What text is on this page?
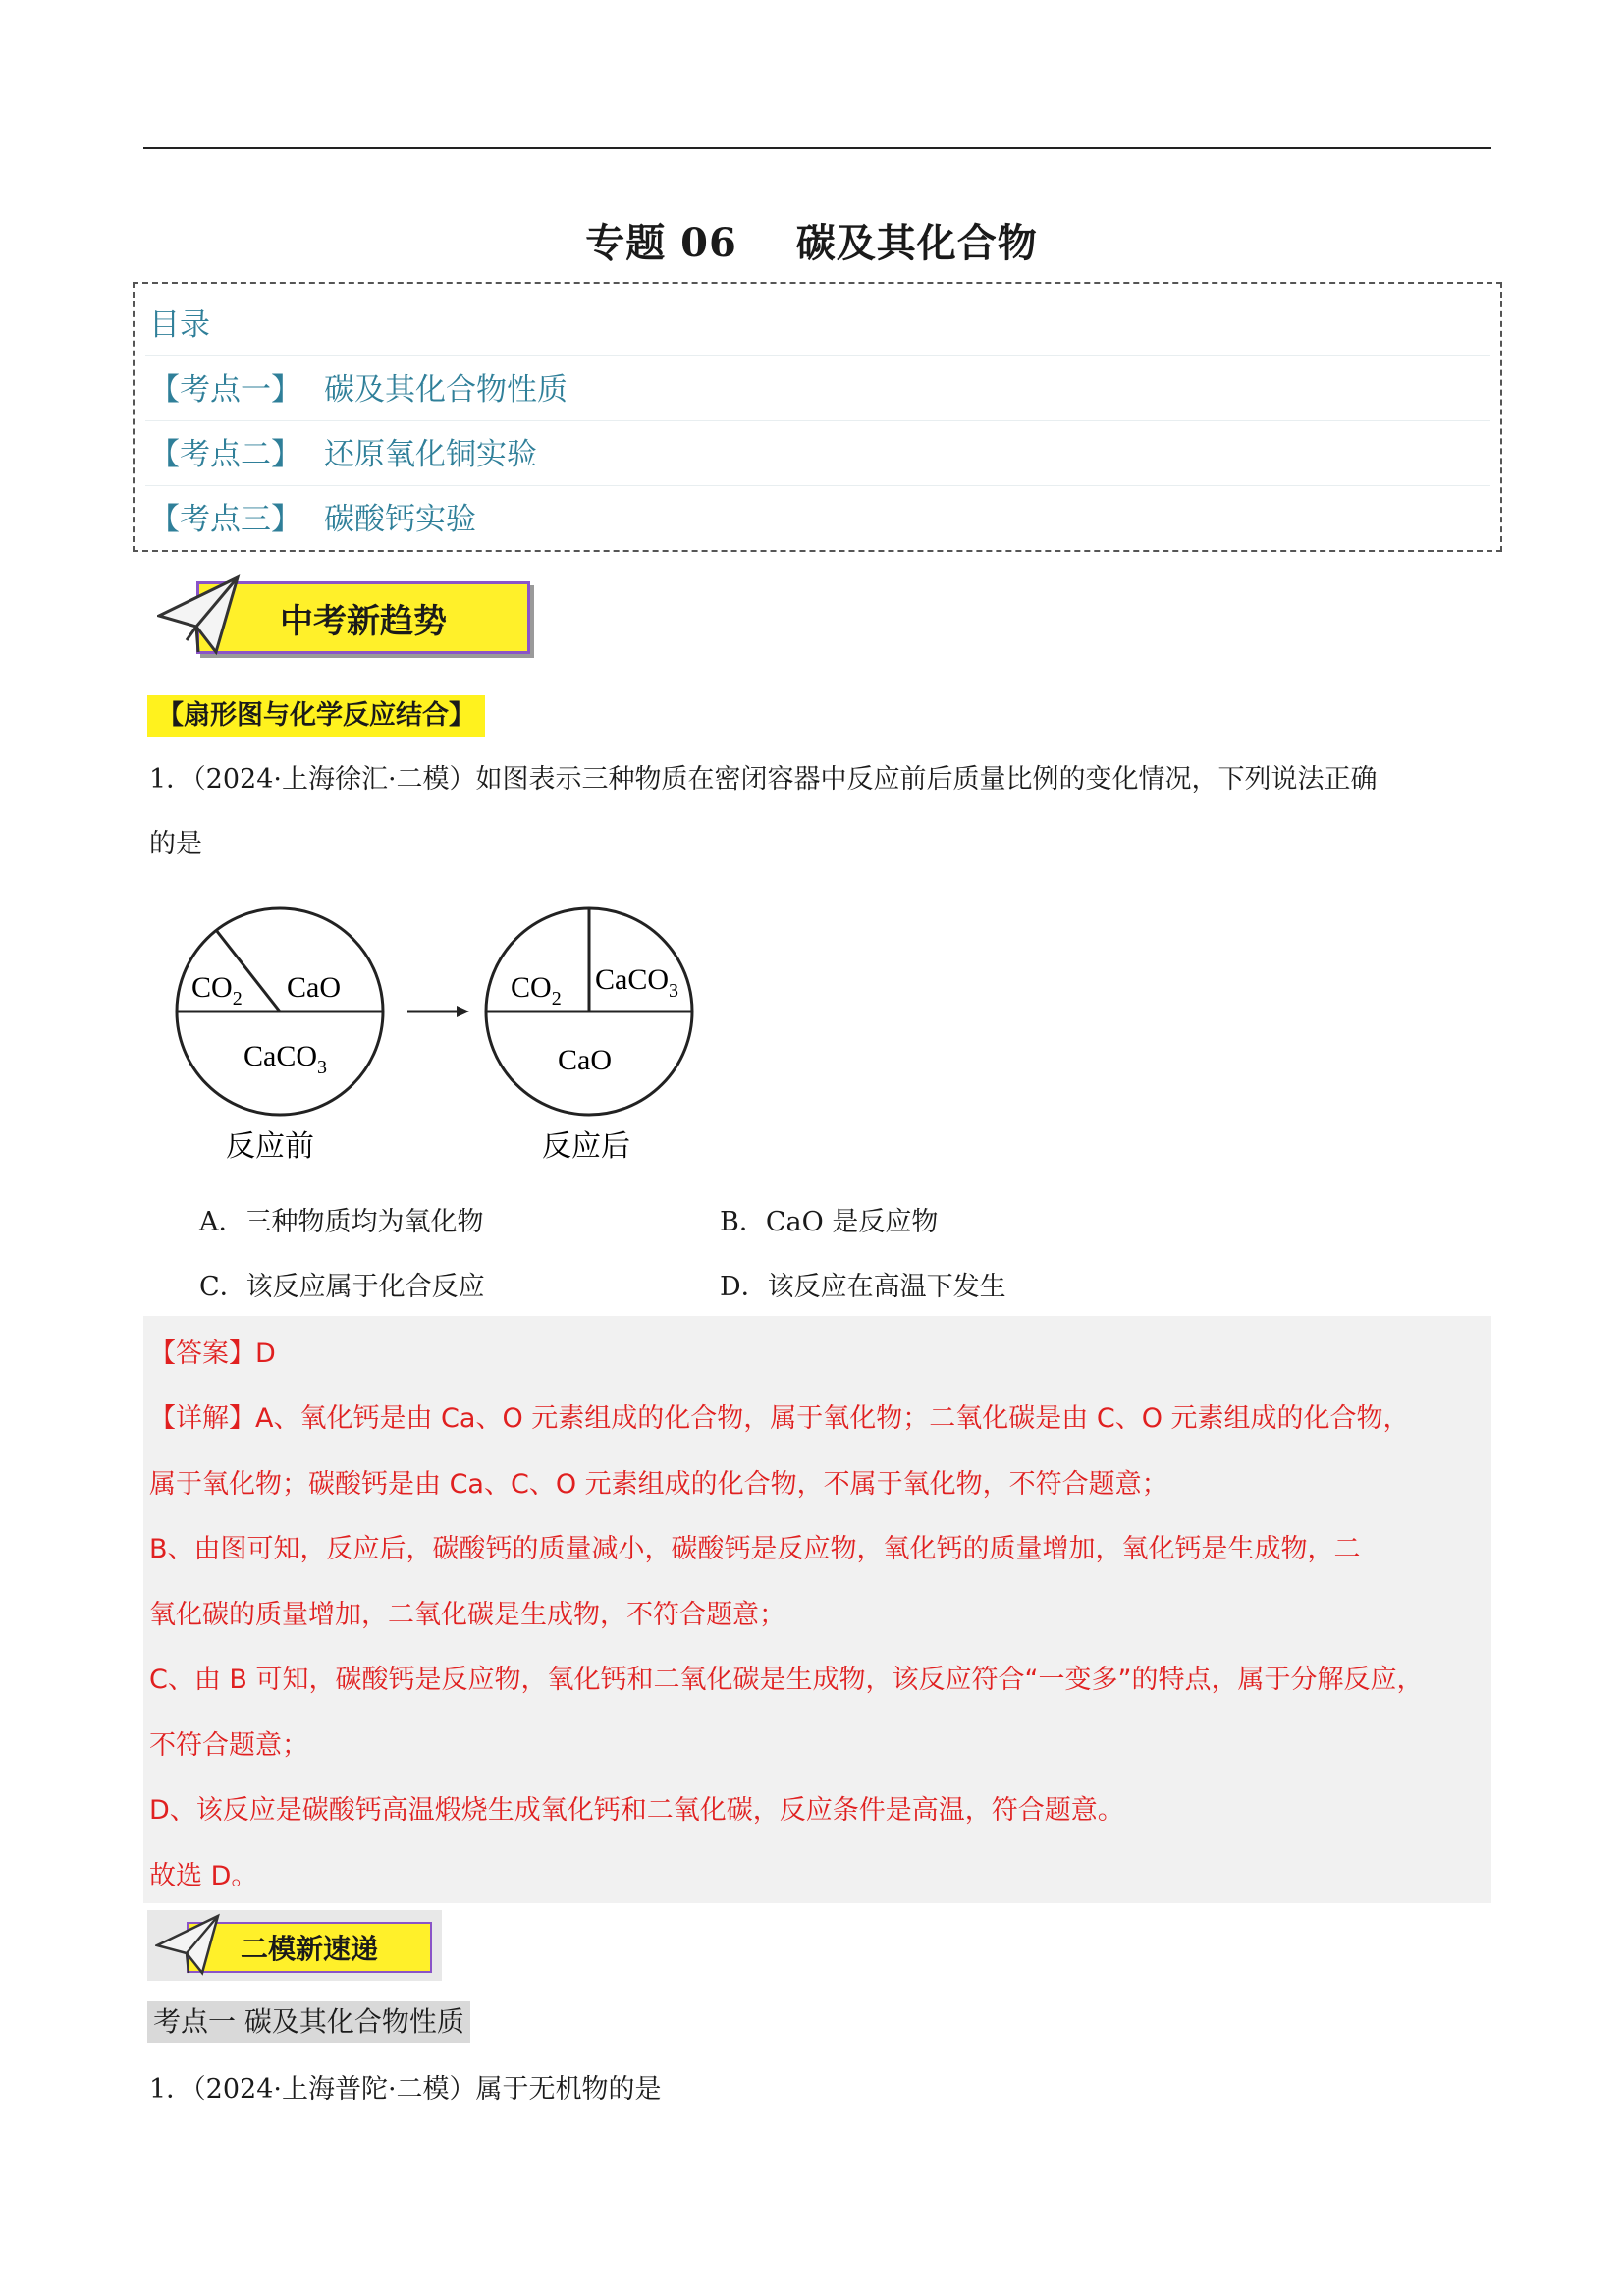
专题 06 碳及其化合物
目录
【考点一】 碳及其化合物性质
【考点二】 还原氧化铜实验
【考点三】 碳酸钙实验
中考新趋势
【扇形图与化学反应结合】
1．（2024·上海徐汇·二模）如图表示三种物质在密闭容器中反应前后质量比例的变化情况，下列说法正确
的是
$CO_2$ CaO
CaCO$_3$
反应前
$CO_2$
CaCO$_3$
CaO
反应后
A．三种物质均为氧化物	B．CaO 是反应物
C．该反应属于化合反应	D．该反应在高温下发生
【答案】D
【详解】A、氧化钙是由 Ca、O 元素组成的化合物，属于氧化物；二氧化碳是由 C、O 元素组成的化合物，
属于氧化物；碳酸钙是由 Ca、C、O 元素组成的化合物，不属于氧化物，不符合题意；
B、由图可知，反应后，碳酸钙的质量减小，碳酸钙是反应物，氧化钙的质量增加，氧化钙是生成物，二
氧化碳的质量增加，二氧化碳是生成物，不符合题意；
C、由 B 可知，碳酸钙是反应物，氧化钙和二氧化碳是生成物，该反应符合“一变多”的特点，属于分解反应，
不符合题意；
D、该反应是碳酸钙高温煅烧生成氧化钙和二氧化碳，反应条件是高温，符合题意。
故选 D。
二模新速递
考点一 碳及其化合物性质
1．（2024·上海普陀·二模）属于无机物的是
